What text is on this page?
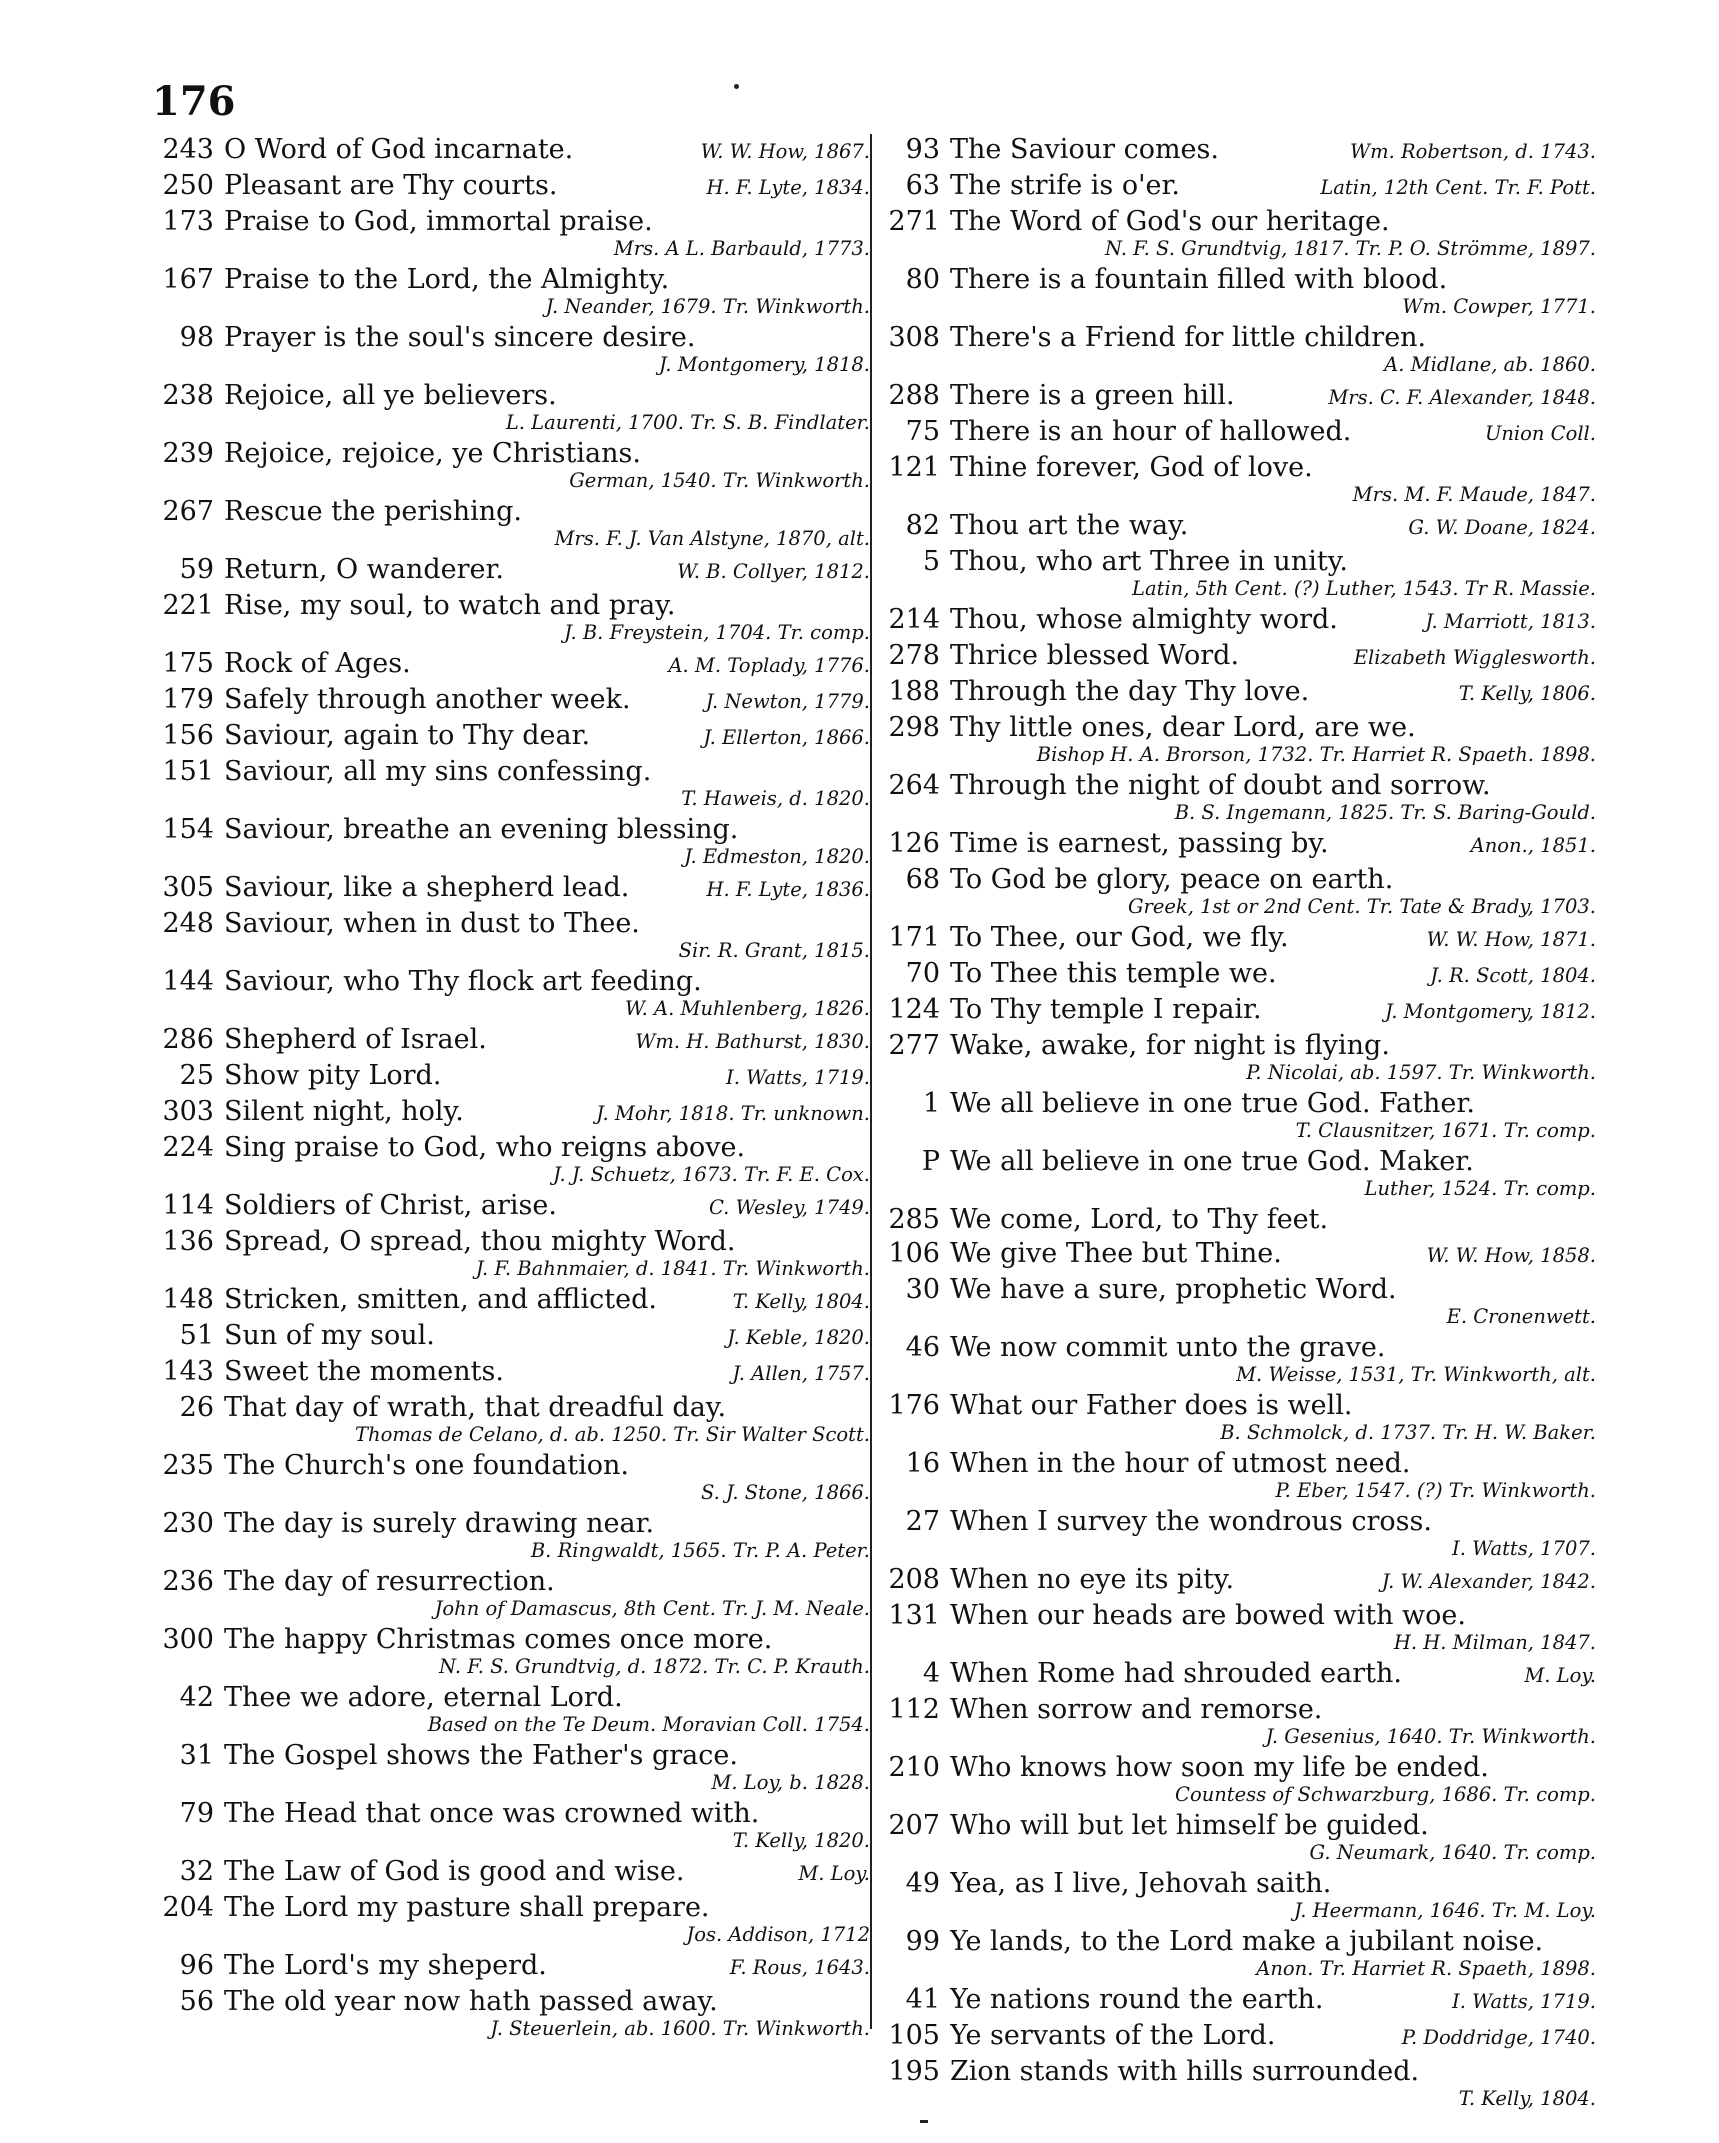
176
243 O Word of God incarnate.	W. W. How, 1867.
250 Pleasant are Thy courts.	H. F. Lyte, 1834.
173 Praise to God, immortal praise.
Mrs. A L. Barbauld, 1773.
167 Praise to the Lord, the Almighty.
J. Neander, 1679. Tr. Winkworth.
98 Prayer is the soul's sincere desire.
J. Montgomery, 1818.
238 Rejoice, all ye believers.
L. Laurenti, 1700. Tr. S. B. Findlater.
239 Rejoice, rejoice, ye Christians.
German, 1540. Tr. Winkworth.
267 Rescue the perishing.
Mrs. F. J. Van Alstyne, 1870, alt.
59 Return, O wanderer.	W. B. Collyer, 1812.
221 Rise, my soul, to watch and pray.
J. B. Freystein, 1704. Tr. comp.
175 Rock of Ages.	A. M. Toplady, 1776.
179 Safely through another week.	J. Newton, 1779.
156 Saviour, again to Thy dear.	J. Ellerton, 1866.
151 Saviour, all my sins confessing.
T. Haweis, d. 1820.
154 Saviour, breathe an evening blessing.
J. Edmeston, 1820.
305 Saviour, like a shepherd lead.	H. F. Lyte, 1836.
248 Saviour, when in dust to Thee.
Sir. R. Grant, 1815.
144 Saviour, who Thy flock art feeding.
W. A. Muhlenberg, 1826.
286 Shepherd of Israel.	Wm. H. Bathurst, 1830.
25 Show pity Lord.	I. Watts, 1719.
303 Silent night, holy.	J. Mohr, 1818. Tr. unknown.
224 Sing praise to God, who reigns above.
J. J. Schuetz, 1673. Tr. F. E. Cox.
114 Soldiers of Christ, arise.	C. Wesley, 1749.
136 Spread, O spread, thou mighty Word.
J. F. Bahnmaier, d. 1841. Tr. Winkworth.
148 Stricken, smitten, and afflicted.	T. Kelly, 1804.
51 Sun of my soul.	J. Keble, 1820.
143 Sweet the moments.	J. Allen, 1757.
26 That day of wrath, that dreadful day.
Thomas de Celano, d. ab. 1250. Tr. Sir Walter Scott.
235 The Church's one foundation.
S. J. Stone, 1866.
230 The day is surely drawing near.
B. Ringwaldt, 1565. Tr. P. A. Peter.
236 The day of resurrection.
John of Damascus, 8th Cent. Tr. J. M. Neale.
300 The happy Christmas comes once more.
N. F. S. Grundtvig, d. 1872. Tr. C. P. Krauth.
42 Thee we adore, eternal Lord.
Based on the Te Deum. Moravian Coll. 1754.
31 The Gospel shows the Father's grace.
M. Loy, b. 1828.
79 The Head that once was crowned with.
T. Kelly, 1820.
32 The Law of God is good and wise.	M. Loy.
204 The Lord my pasture shall prepare.
Jos. Addison, 1712
96 The Lord's my sheperd.	F. Rous, 1643.
56 The old year now hath passed away.
J. Steuerlein, ab. 1600. Tr. Winkworth.
93 The Saviour comes.	Wm. Robertson, d. 1743.
63 The strife is o'er.	Latin, 12th Cent. Tr. F. Pott.
271 The Word of God's our heritage.
N. F. S. Grundtvig, 1817. Tr. P. O. Strömme, 1897.
80 There is a fountain filled with blood.
Wm. Cowper, 1771.
308 There's a Friend for little children.
A. Midlane, ab. 1860.
288 There is a green hill.	Mrs. C. F. Alexander, 1848.
75 There is an hour of hallowed.	Union Coll.
121 Thine forever, God of love.
Mrs. M. F. Maude, 1847.
82 Thou art the way.	G. W. Doane, 1824.
5 Thou, who art Three in unity.
Latin, 5th Cent. (?) Luther, 1543. Tr R. Massie.
214 Thou, whose almighty word.	J. Marriott, 1813.
278 Thrice blessed Word.	Elizabeth Wigglesworth.
188 Through the day Thy love.	T. Kelly, 1806.
298 Thy little ones, dear Lord, are we.
Bishop H. A. Brorson, 1732. Tr. Harriet R. Spaeth. 1898.
264 Through the night of doubt and sorrow.
B. S. Ingemann, 1825. Tr. S. Baring-Gould.
126 Time is earnest, passing by.	Anon., 1851.
68 To God be glory, peace on earth.
Greek, 1st or 2nd Cent. Tr. Tate & Brady, 1703.
171 To Thee, our God, we fly.	W. W. How, 1871.
70 To Thee this temple we.	J. R. Scott, 1804.
124 To Thy temple I repair.	J. Montgomery, 1812.
277 Wake, awake, for night is flying.
P. Nicolai, ab. 1597. Tr. Winkworth.
1 We all believe in one true God. Father.
T. Clausnitzer, 1671. Tr. comp.
P We all believe in one true God. Maker.
Luther, 1524. Tr. comp.
285 We come, Lord, to Thy feet.
106 We give Thee but Thine.	W. W. How, 1858.
30 We have a sure, prophetic Word.
E. Cronenwett.
46 We now commit unto the grave.
M. Weisse, 1531, Tr. Winkworth, alt.
176 What our Father does is well.
B. Schmolck, d. 1737. Tr. H. W. Baker.
16 When in the hour of utmost need.
P. Eber, 1547. (?) Tr. Winkworth.
27 When I survey the wondrous cross.
I. Watts, 1707.
208 When no eye its pity.	J. W. Alexander, 1842.
131 When our heads are bowed with woe.
H. H. Milman, 1847.
4 When Rome had shrouded earth.	M. Loy.
112 When sorrow and remorse.
J. Gesenius, 1640. Tr. Winkworth.
210 Who knows how soon my life be ended.
Countess of Schwarzburg, 1686. Tr. comp.
207 Who will but let himself be guided.
G. Neumark, 1640. Tr. comp.
49 Yea, as I live, Jehovah saith.
J. Heermann, 1646. Tr. M. Loy.
99 Ye lands, to the Lord make a jubilant noise.
Anon. Tr. Harriet R. Spaeth, 1898.
41 Ye nations round the earth.	I. Watts, 1719.
105 Ye servants of the Lord.	P. Doddridge, 1740.
195 Zion stands with hills surrounded.
T. Kelly, 1804.
